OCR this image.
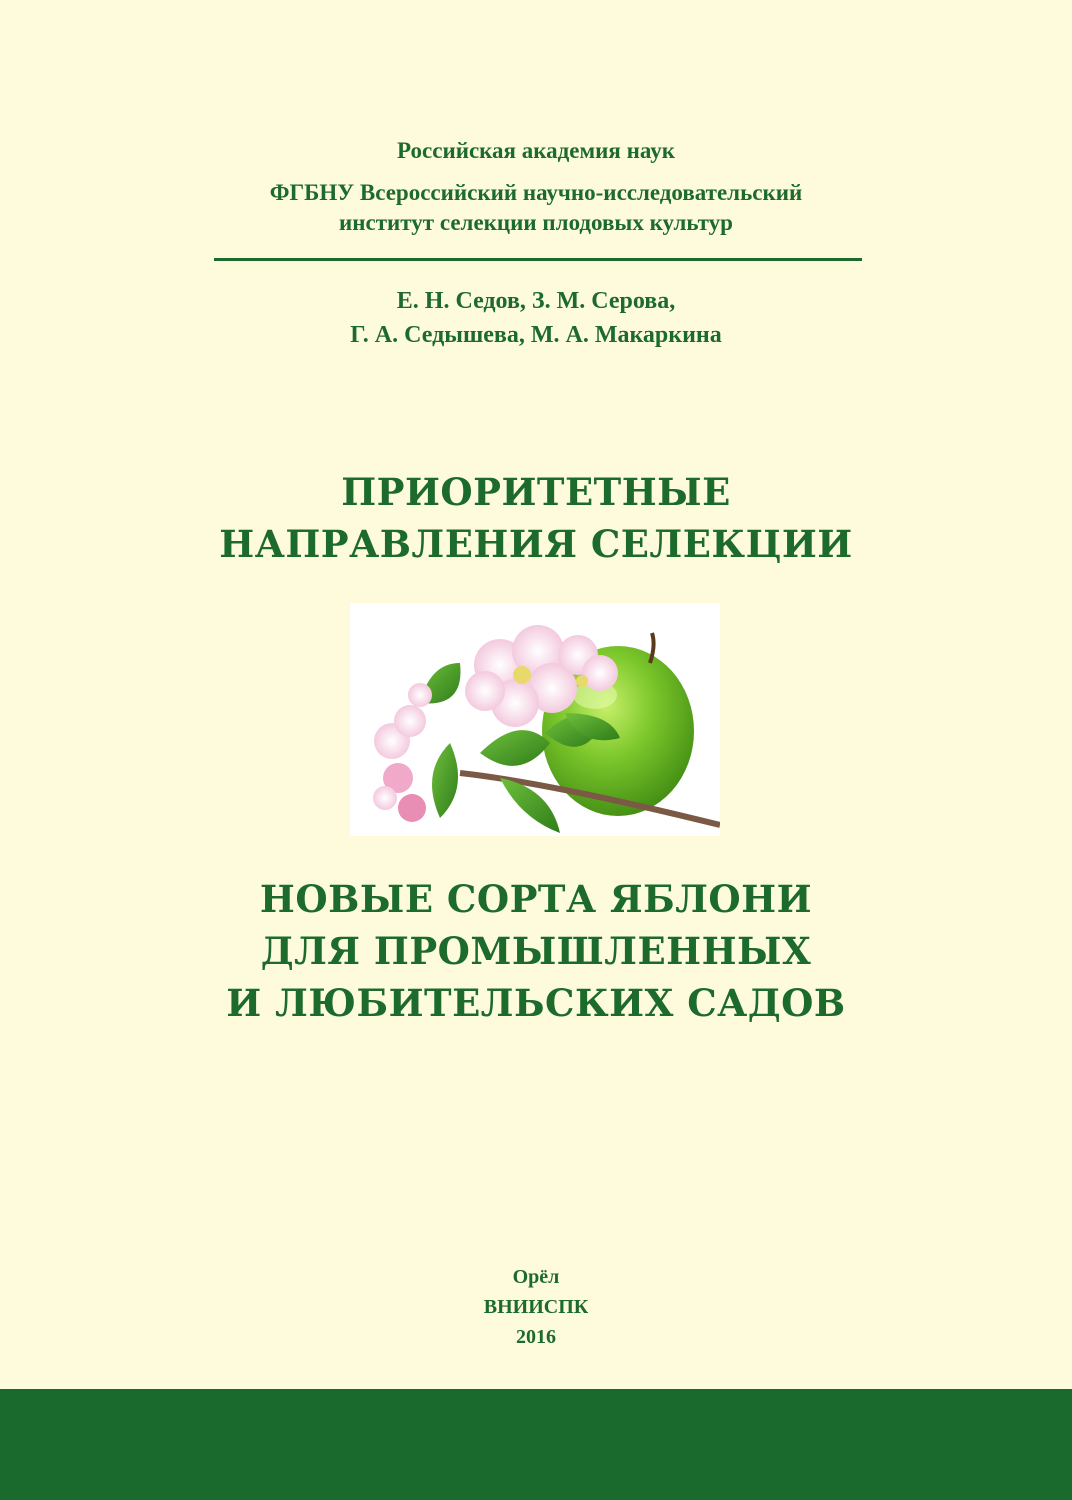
Российская академия наук
ФГБНУ Всероссийский научно-исследовательский
институт селекции плодовых культур
Е. Н. Седов, З. М. Серова,
Г. А. Седышева, М. А. Макаркина
ПРИОРИТЕТНЫЕ
НАПРАВЛЕНИЯ СЕЛЕКЦИИ
НОВЫЕ СОРТА ЯБЛОНИ
ДЛЯ ПРОМЫШЛЕННЫХ
И ЛЮБИТЕЛЬСКИХ САДОВ
Орёл
ВНИИСПК
2016
